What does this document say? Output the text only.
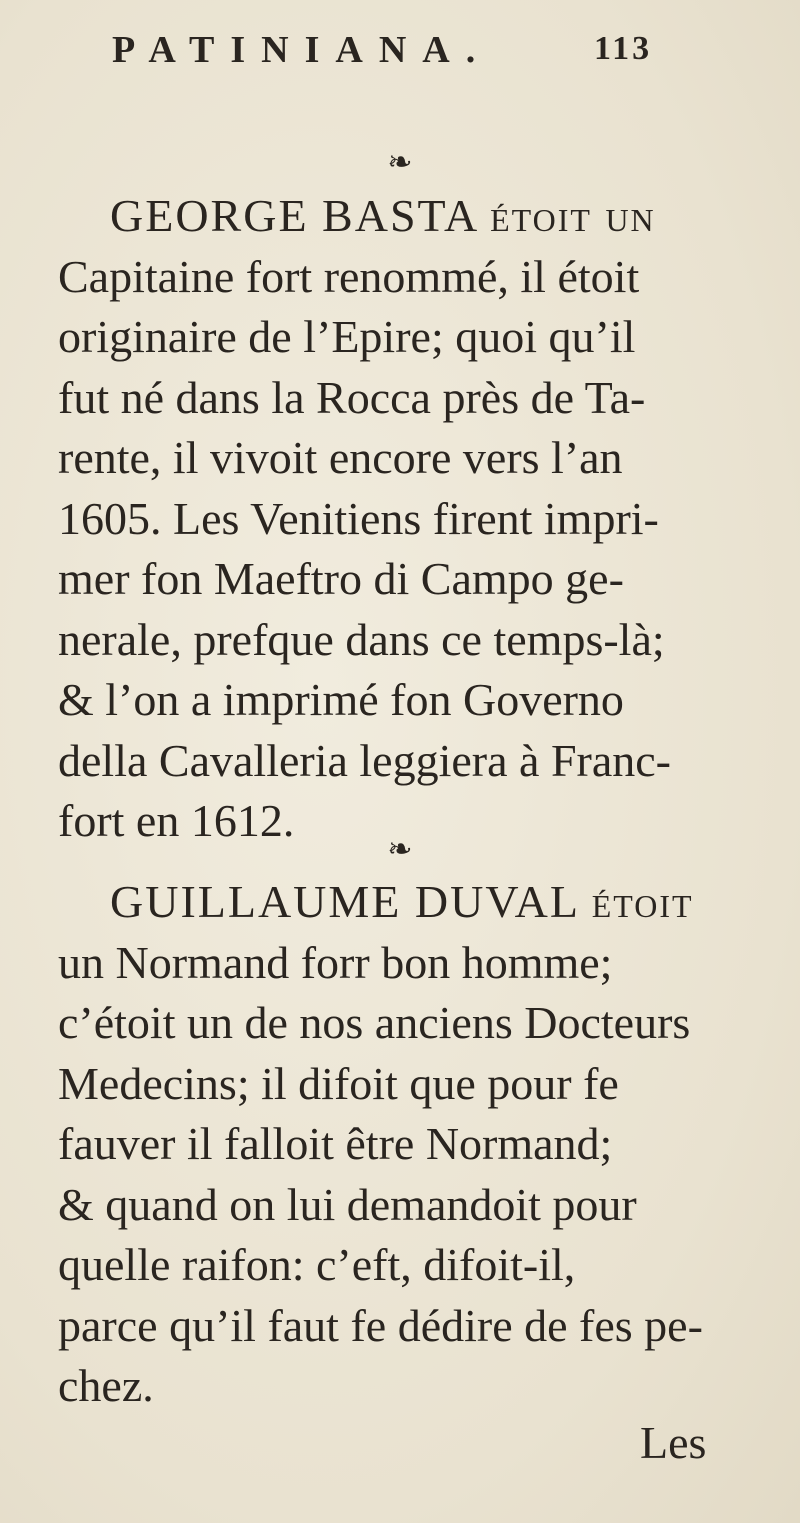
PATINIANA.	113
❧
GEORGE BASTA étoit un
Capitaine fort renommé, il étoit
originaire de l’Epire; quoi qu’il
fut né dans la Rocca près de Ta-
rente, il vivoit encore vers l’an
1605. Les Venitiens firent impri-
mer fon Maeftro di Campo ge-
nerale, prefque dans ce temps-là;
& l’on a imprimé fon Governo
della Cavalleria leggiera à Franc-
fort en 1612.
❧
GUILLAUME DUVAL étoit
un Normand forr bon homme;
c’étoit un de nos anciens Docteurs
Medecins; il difoit que pour fe
fauver il falloit être Normand;
& quand on lui demandoit pour
quelle raifon: c’eft, difoit-il,
parce qu’il faut fe dédire de fes pe-
chez.
Les
